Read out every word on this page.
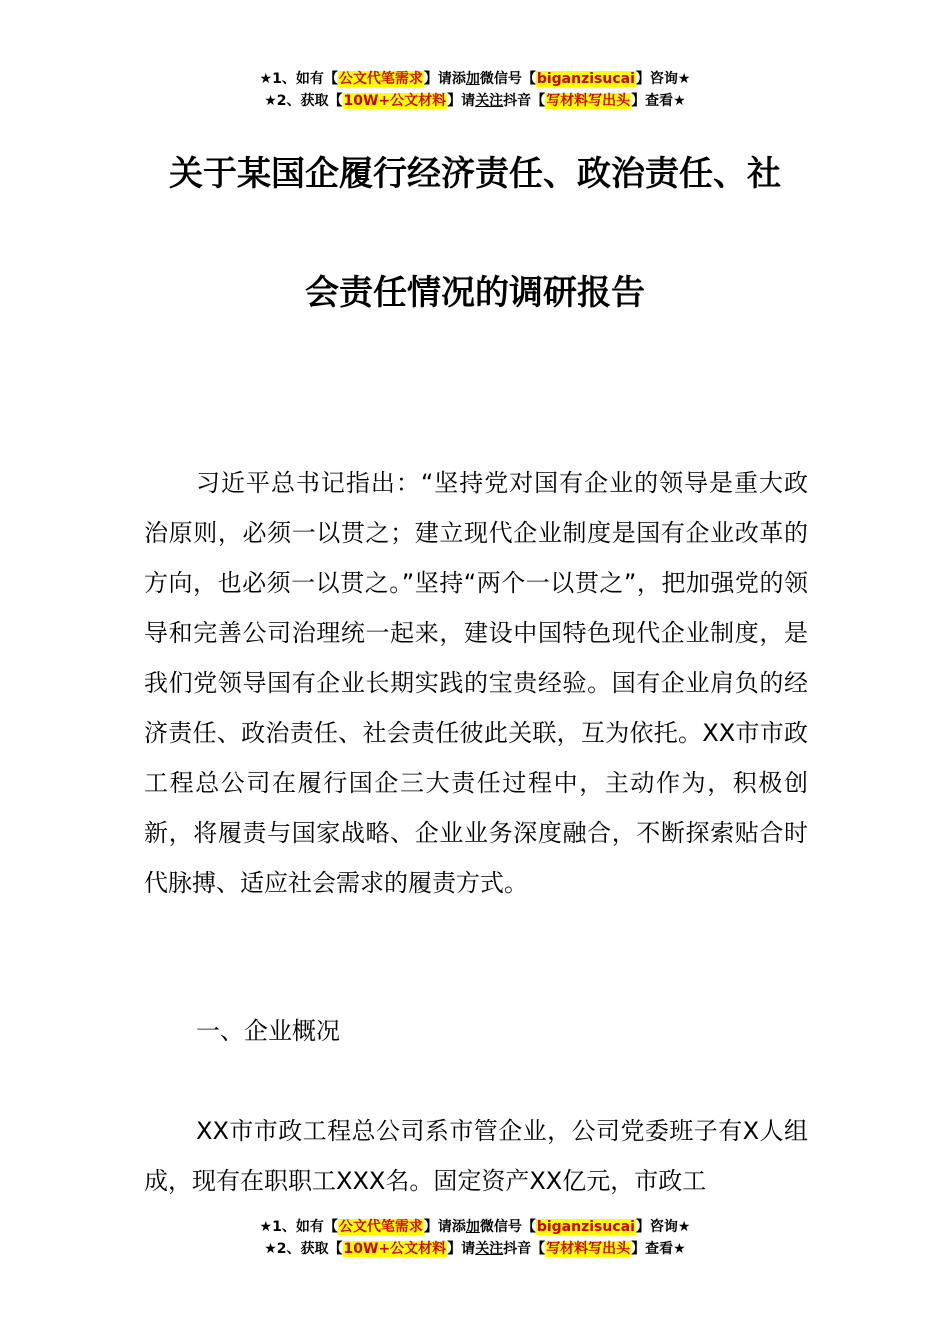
★1、如有【公文代笔需求】请添加微信号【biganzisucai】咨询★
★2、获取【10W+公文材料】请关注抖音【写材料写出头】查看★
关于某国企履行经济责任、政治责任、社
会责任情况的调研报告

习近平总书记指出：“坚持党对国有企业的领导是重大政治原则，必须一以贯之；建立现代企业制度是国有企业改革的方向，也必须一以贯之。”坚持“两个一以贯之”，把加强党的领导和完善公司治理统一起来，建设中国特色现代企业制度，是我们党领导国有企业长期实践的宝贵经验。国有企业肩负的经济责任、政治责任、社会责任彼此关联，互为依托。XX市市政工程总公司在履行国企三大责任过程中，主动作为，积极创新，将履责与国家战略、企业业务深度融合，不断探索贴合时代脉搏、适应社会需求的履责方式。

一、企业概况

XX市市政工程总公司系市管企业，公司党委班子有X人组成，现有在职职工XXX名。固定资产XX亿元，市政工

★1、如有【公文代笔需求】请添加微信号【biganzisucai】咨询★
★2、获取【10W+公文材料】请关注抖音【写材料写出头】查看★
